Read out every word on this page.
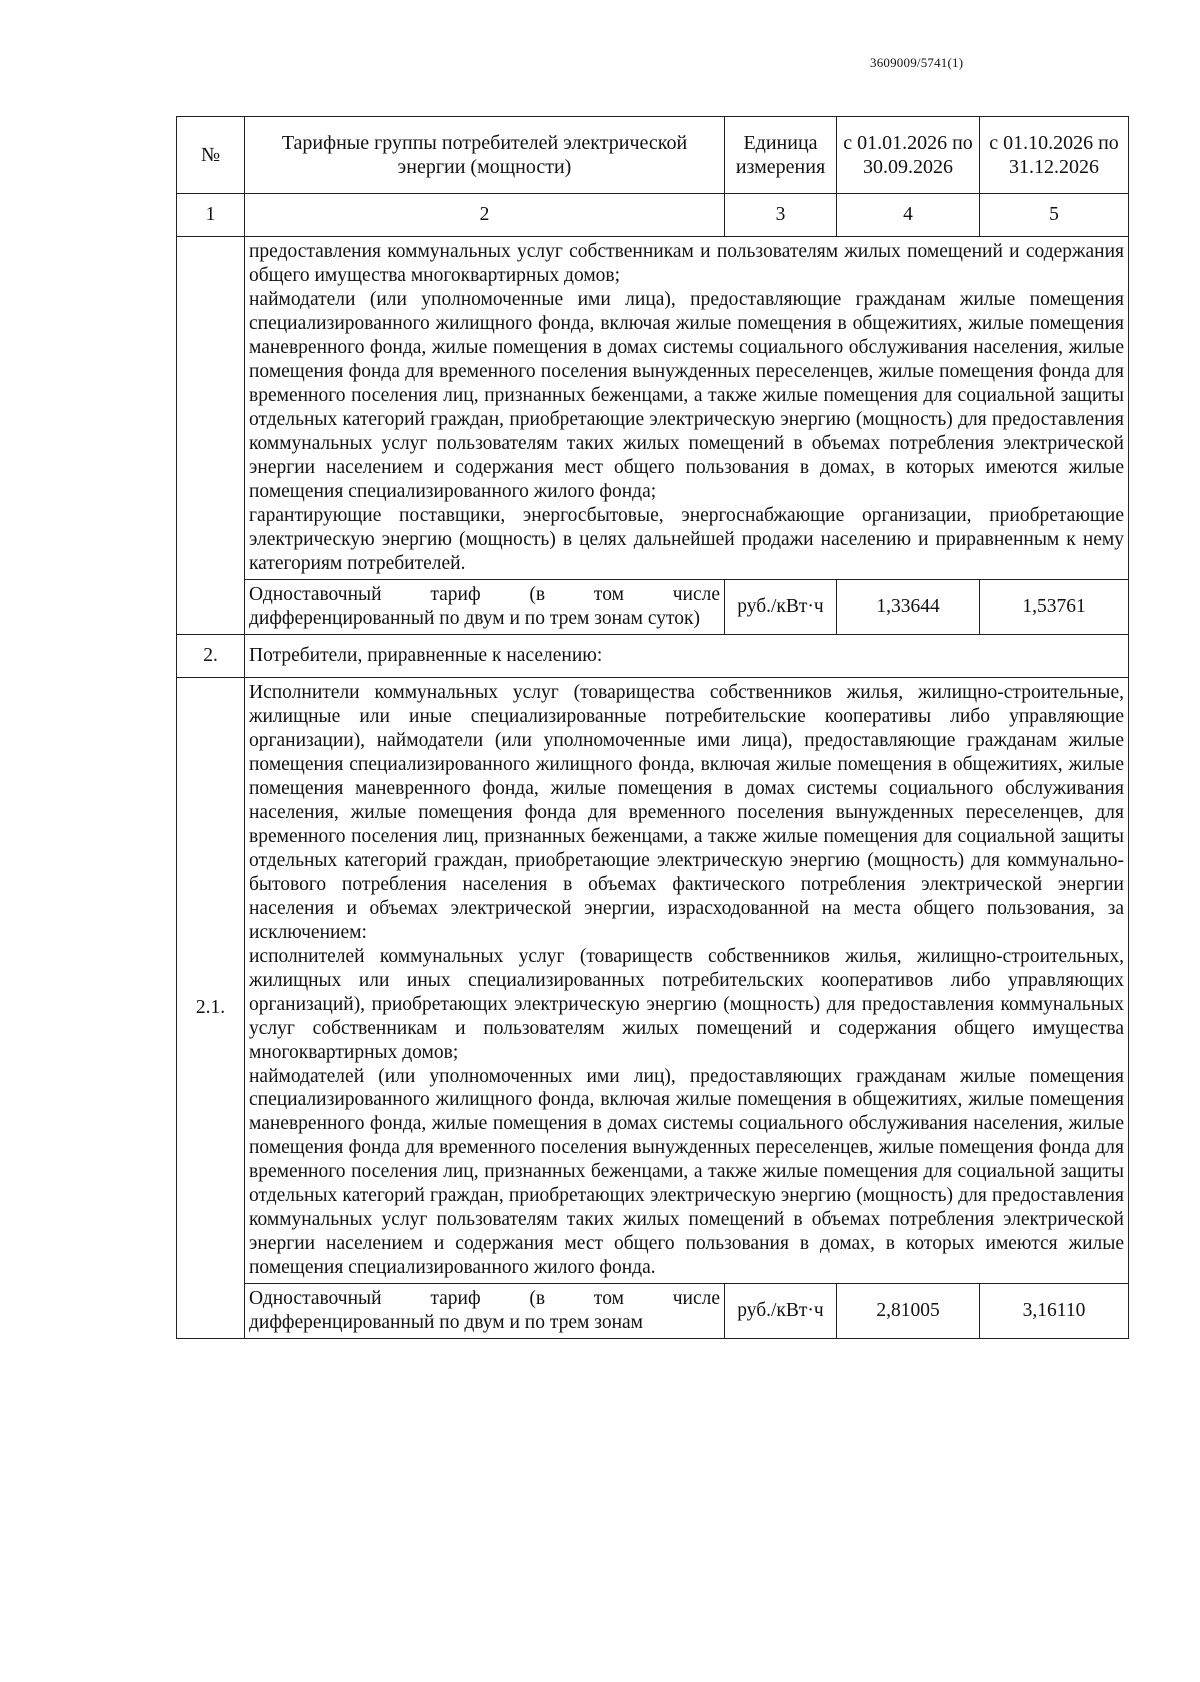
3609009/5741(1)
№	Тарифные группы потребителей электрической энергии (мощности)	Единица измерения	с 01.01.2026 по 30.09.2026	с 01.10.2026 по 31.12.2026
1	2	3	4	5

	предоставления коммунальных услуг собственникам и пользователям жилых помещений и содержания общего имущества многоквартирных домов;

наймодатели (или уполномоченные ими лица), предоставляющие гражданам жилые помещения специализированного жилищного фонда, включая жилые помещения в общежитиях, жилые помещения маневренного фонда, жилые помещения в домах системы социального обслуживания населения, жилые помещения фонда для временного поселения вынужденных переселенцев, жилые помещения фонда для временного поселения лиц, признанных беженцами, а также жилые помещения для социальной защиты отдельных категорий граждан, приобретающие электрическую энергию (мощность) для предоставления коммунальных услуг пользователям таких жилых помещений в объемах потребления электрической энергии населением и содержания мест общего пользования в домах, в которых имеются жилые помещения специализированного жилого фонда;

гарантирующие поставщики, энергосбытовые, энергоснабжающие организации, приобретающие электрическую энергию (мощность) в целях дальнейшей продажи населению и приравненным к нему категориям потребителей.			

	Одноставочный тариф (в том числе дифференцированный по двум и по трем зонам суток)	руб./кВт·ч	1,33644	1,53761
2.	Потребители, приравненные к населению:			
2.1.	Исполнители коммунальных услуг (товарищества собственников жилья, жилищно-строительные, жилищные или иные специализированные потребительские кооперативы либо управляющие организации), наймодатели (или уполномоченные ими лица), предоставляющие гражданам жилые помещения специализированного жилищного фонда, включая жилые помещения в общежитиях, жилые помещения маневренного фонда, жилые помещения в домах системы социального обслуживания населения, жилые помещения фонда для временного поселения вынужденных переселенцев, для временного поселения лиц, признанных беженцами, а также жилые помещения для социальной защиты отдельных категорий граждан, приобретающие электрическую энергию (мощность) для коммунально-бытового потребления населения в объемах фактического потребления электрической энергии населения и объемах электрической энергии, израсходованной на места общего пользования, за исключением:

исполнителей коммунальных услуг (товариществ собственников жилья, жилищно-строительных, жилищных или иных специализированных потребительских кооперативов либо управляющих организаций), приобретающих электрическую энергию (мощность) для предоставления коммунальных услуг собственникам и пользователям жилых помещений и содержания общего имущества многоквартирных домов;

наймодателей (или уполномоченных ими лиц), предоставляющих гражданам жилые помещения специализированного жилищного фонда, включая жилые помещения в общежитиях, жилые помещения маневренного фонда, жилые помещения в домах системы социального обслуживания населения, жилые помещения фонда для временного поселения вынужденных переселенцев, жилые помещения фонда для временного поселения лиц, признанных беженцами, а также жилые помещения для социальной защиты отдельных категорий граждан, приобретающих электрическую энергию (мощность) для предоставления коммунальных услуг пользователям таких жилых помещений в объемах потребления электрической энергии населением и содержания мест общего пользования в домах, в которых имеются жилые помещения специализированного жилого фонда.			

	Одноставочный тариф (в том числе дифференцированный по двум и по трем зонам	руб./кВт·ч	2,81005	3,16110
